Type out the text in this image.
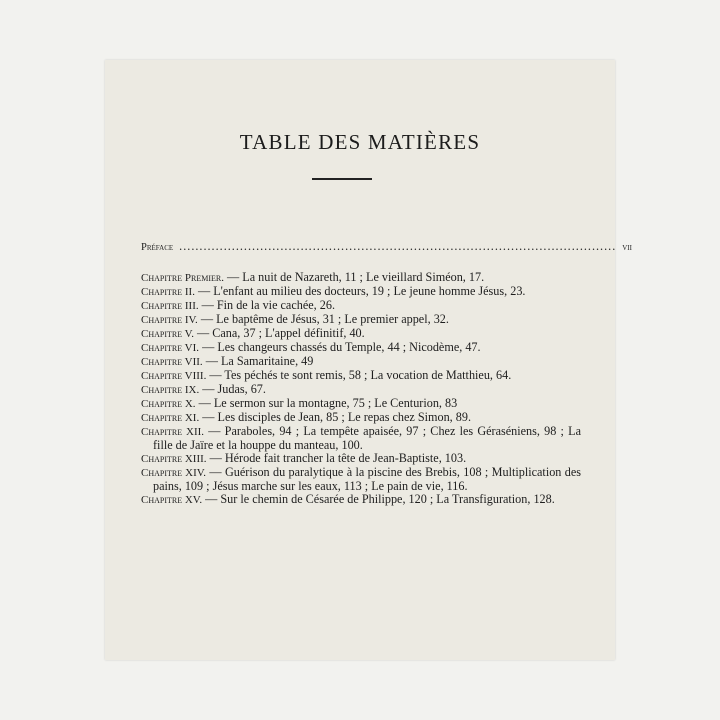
TABLE DES MATIÈRES
Préface ............................................................................................................ vii

Chapitre Premier. — La nuit de Nazareth, 11 ; Le vieillard Siméon, 17.

Chapitre II. — L'enfant au milieu des docteurs, 19 ; Le jeune homme Jésus, 23.

Chapitre III. — Fin de la vie cachée, 26.

Chapitre IV. — Le baptême de Jésus, 31 ; Le premier appel, 32.

Chapitre V. — Cana, 37 ; L'appel définitif, 40.

Chapitre VI. — Les changeurs chassés du Temple, 44 ; Nicodème, 47.

Chapitre VII. — La Samaritaine, 49

Chapitre VIII. — Tes péchés te sont remis, 58 ; La vocation de Matthieu, 64.

Chapitre IX. — Judas, 67.

Chapitre X. — Le sermon sur la montagne, 75 ; Le Centurion, 83

Chapitre XI. — Les disciples de Jean, 85 ; Le repas chez Simon, 89.

Chapitre XII. — Paraboles, 94 ; La tempête apaisée, 97 ; Chez les Géraséniens, 98 ; La fille de Jaïre et la houppe du manteau, 100.

Chapitre XIII. — Hérode fait trancher la tête de Jean-Baptiste, 103.

Chapitre XIV. — Guérison du paralytique à la piscine des Brebis, 108 ; Multiplication des pains, 109 ; Jésus marche sur les eaux, 113 ; Le pain de vie, 116.

Chapitre XV. — Sur le chemin de Césarée de Philippe, 120 ; La Transfiguration, 128.
